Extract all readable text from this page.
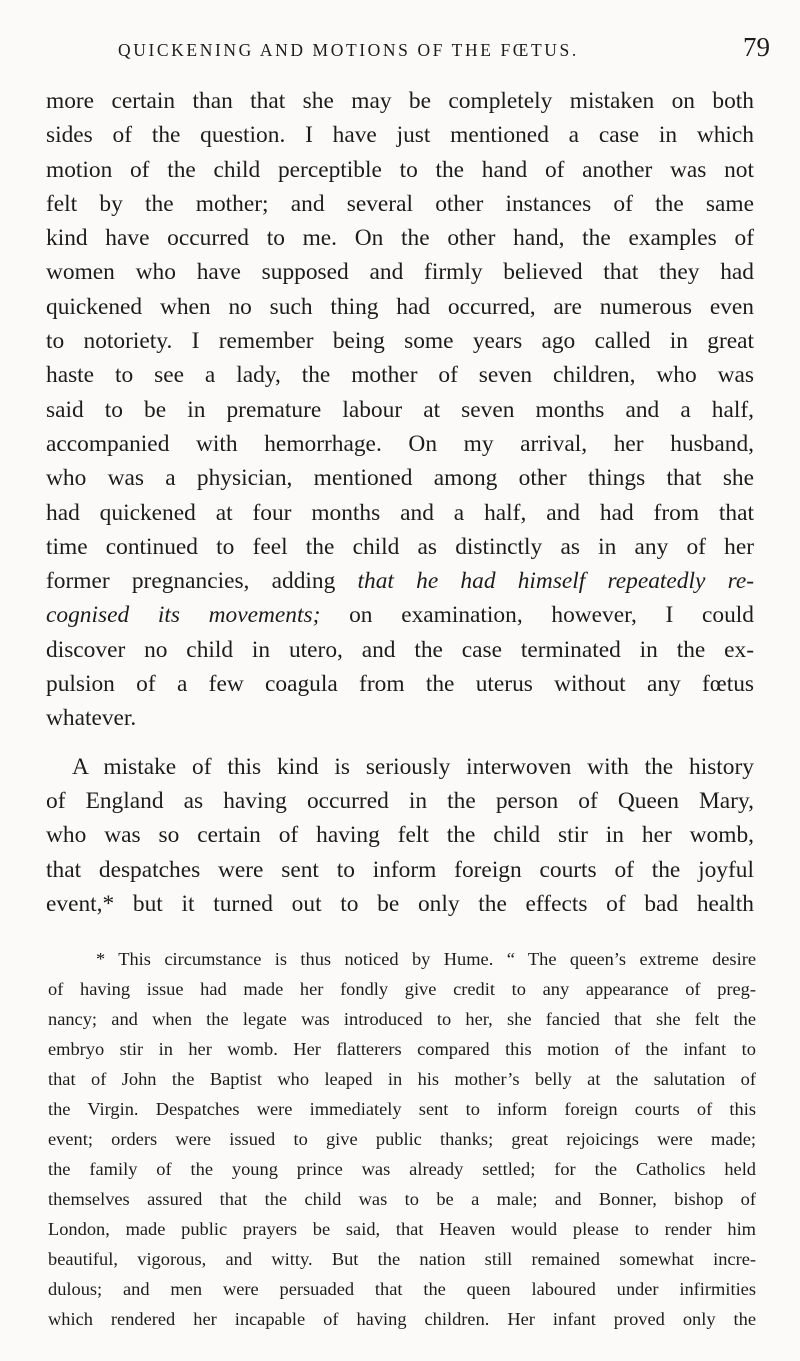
QUICKENING AND MOTIONS OF THE FŒTUS.	79
more certain than that she may be completely mistaken on both
sides of the question. I have just mentioned a case in which
motion of the child perceptible to the hand of another was not
felt by the mother; and several other instances of the same
kind have occurred to me. On the other hand, the examples of
women who have supposed and firmly believed that they had
quickened when no such thing had occurred, are numerous even
to notoriety. I remember being some years ago called in great
haste to see a lady, the mother of seven children, who was
said to be in premature labour at seven months and a half,
accompanied with hemorrhage. On my arrival, her husband,
who was a physician, mentioned among other things that she
had quickened at four months and a half, and had from that
time continued to feel the child as distinctly as in any of her
former pregnancies, adding that he had himself repeatedly re-
cognised its movements; on examination, however, I could
discover no child in utero, and the case terminated in the ex-
pulsion of a few coagula from the uterus without any fœtus
whatever.
A mistake of this kind is seriously interwoven with the history
of England as having occurred in the person of Queen Mary,
who was so certain of having felt the child stir in her womb,
that despatches were sent to inform foreign courts of the joyful
event,* but it turned out to be only the effects of bad health
* This circumstance is thus noticed by Hume. “ The queen’s extreme desire
of having issue had made her fondly give credit to any appearance of preg-
nancy; and when the legate was introduced to her, she fancied that she felt the
embryo stir in her womb. Her flatterers compared this motion of the infant to
that of John the Baptist who leaped in his mother’s belly at the salutation of
the Virgin. Despatches were immediately sent to inform foreign courts of this
event; orders were issued to give public thanks; great rejoicings were made;
the family of the young prince was already settled; for the Catholics held
themselves assured that the child was to be a male; and Bonner, bishop of
London, made public prayers be said, that Heaven would please to render him
beautiful, vigorous, and witty. But the nation still remained somewhat incre-
dulous; and men were persuaded that the queen laboured under infirmities
which rendered her incapable of having children. Her infant proved only the
